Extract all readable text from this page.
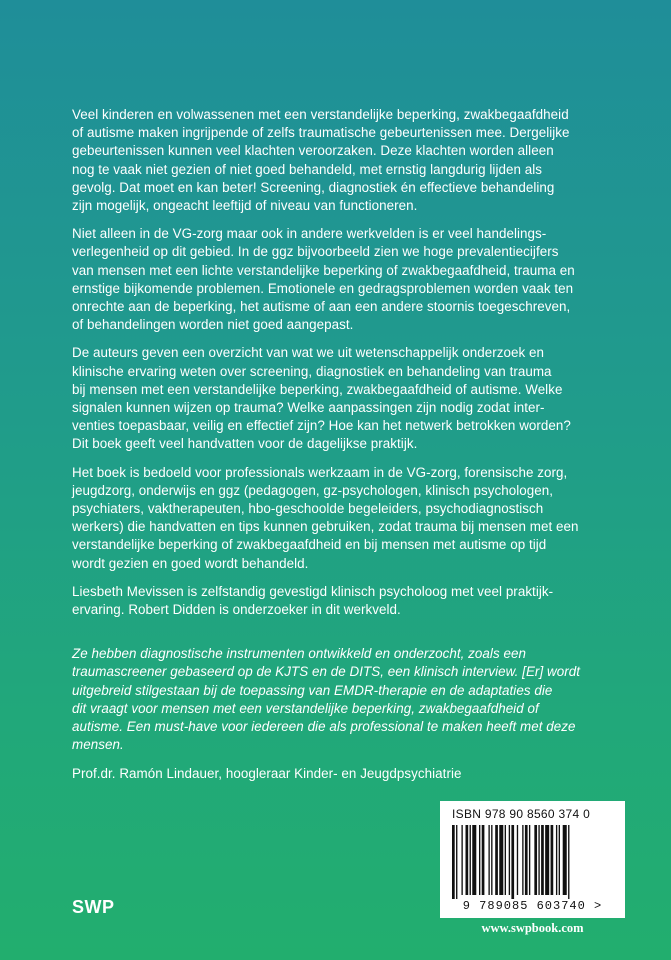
Veel kinderen en volwassenen met een verstandelijke beperking, zwakbegaafdheid
of autisme maken ingrijpende of zelfs traumatische gebeurtenissen mee. Dergelijke
gebeurtenissen kunnen veel klachten veroorzaken. Deze klachten worden alleen
nog te vaak niet gezien of niet goed behandeld, met ernstig langdurig lijden als
gevolg. Dat moet en kan beter! Screening, diagnostiek én effectieve behandeling
zijn mogelijk, ongeacht leeftijd of niveau van functioneren.

Niet alleen in de VG-zorg maar ook in andere werkvelden is er veel handelings-
verlegenheid op dit gebied. In de ggz bijvoorbeeld zien we hoge prevalentiecijfers
van mensen met een lichte verstandelijke beperking of zwakbegaafdheid, trauma en
ernstige bijkomende problemen. Emotionele en gedragsproblemen worden vaak ten
onrechte aan de beperking, het autisme of aan een andere stoornis toegeschreven,
of behandelingen worden niet goed aangepast.

De auteurs geven een overzicht van wat we uit wetenschappelijk onderzoek en
klinische ervaring weten over screening, diagnostiek en behandeling van trauma
bij mensen met een verstandelijke beperking, zwakbegaafdheid of autisme. Welke
signalen kunnen wijzen op trauma? Welke aanpassingen zijn nodig zodat inter-
venties toepasbaar, veilig en effectief zijn? Hoe kan het netwerk betrokken worden?
Dit boek geeft veel handvatten voor de dagelijkse praktijk.

Het boek is bedoeld voor professionals werkzaam in de VG-zorg, forensische zorg,
jeugdzorg, onderwijs en ggz (pedagogen, gz-psychologen, klinisch psychologen,
psychiaters, vaktherapeuten, hbo-geschoolde begeleiders, psychodiagnostisch
werkers) die handvatten en tips kunnen gebruiken, zodat trauma bij mensen met een
verstandelijke beperking of zwakbegaafdheid en bij mensen met autisme op tijd
wordt gezien en goed wordt behandeld.

Liesbeth Mevissen is zelfstandig gevestigd klinisch psycholoog met veel praktijk-
ervaring. Robert Didden is onderzoeker in dit werkveld.

Ze hebben diagnostische instrumenten ontwikkeld en onderzocht, zoals een
traumascreener gebaseerd op de KJTS en de DITS, een klinisch interview. [Er] wordt
uitgebreid stilgestaan bij de toepassing van EMDR-therapie en de adaptaties die
dit vraagt voor mensen met een verstandelijke beperking, zwakbegaafdheid of
autisme. Een must-have voor iedereen die als professional te maken heeft met deze
mensen.

Prof.dr. Ramón Lindauer, hoogleraar Kinder- en Jeugdpsychiatrie

SWP
ISBN 978 90 8560 374 0
9 789085 603740 >
www.swpbook.com
